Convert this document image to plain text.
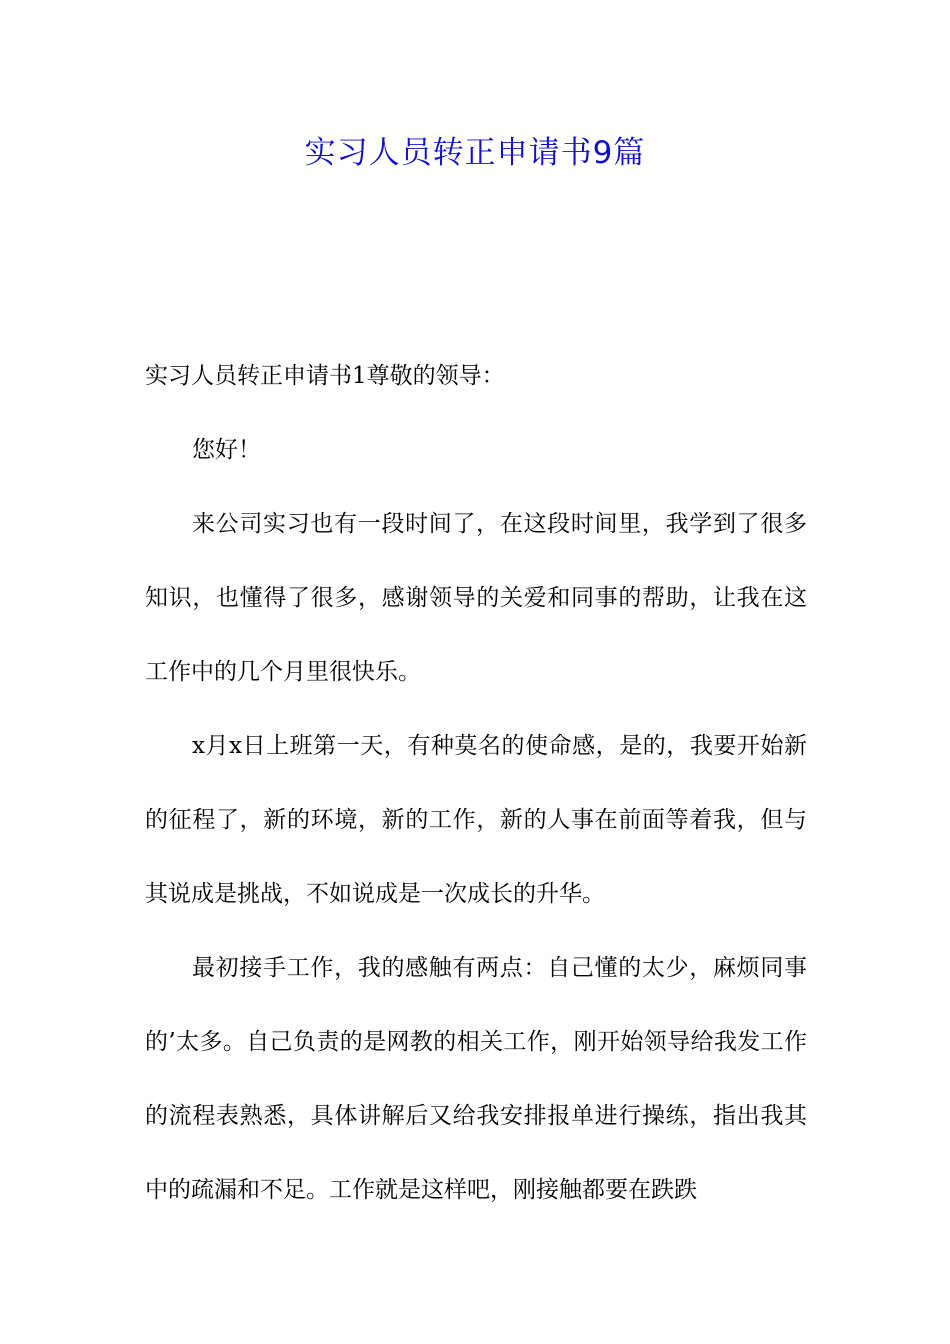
实习人员转正申请书9篇

实习人员转正申请书1尊敬的领导：

您好！

来公司实习也有一段时间了，在这段时间里，我学到了很多知识，也懂得了很多，感谢领导的关爱和同事的帮助，让我在这工作中的几个月里很快乐。

x月x日上班第一天，有种莫名的使命感，是的，我要开始新的征程了，新的环境，新的工作，新的人事在前面等着我，但与其说成是挑战，不如说成是一次成长的升华。

最初接手工作，我的感触有两点：自己懂的太少，麻烦同事的’太多。自己负责的是网教的相关工作，刚开始领导给我发工作的流程表熟悉，具体讲解后又给我安排报单进行操练，指出我其中的疏漏和不足。工作就是这样吧，刚接触都要在跌跌
